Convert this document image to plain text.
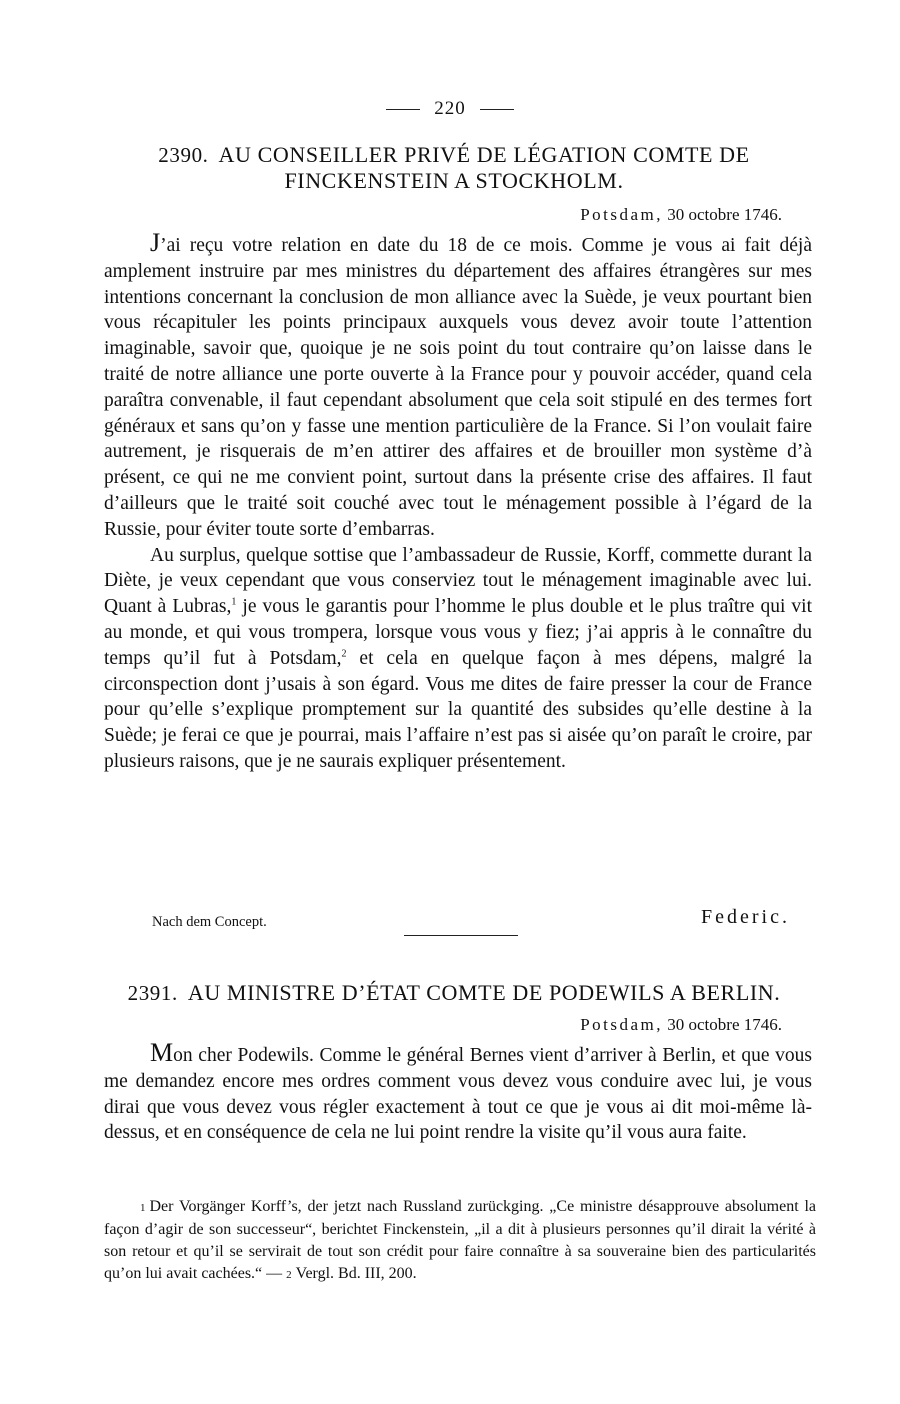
220
2390. AU CONSEILLER PRIVÉ DE LÉGATION COMTE DE
FINCKENSTEIN A STOCKHOLM.
Potsdam, 30 octobre 1746.

J’ai reçu votre relation en date du 18 de ce mois. Comme je vous ai fait déjà amplement instruire par mes ministres du département des affaires étrangères sur mes intentions concernant la conclusion de mon alliance avec la Suède, je veux pourtant bien vous récapituler les points principaux auxquels vous devez avoir toute l’attention imaginable, savoir que, quoique je ne sois point du tout contraire qu’on laisse dans le traité de notre alliance une porte ouverte à la France pour y pouvoir accéder, quand cela paraîtra convenable, il faut cependant absolument que cela soit stipulé en des termes fort généraux et sans qu’on y fasse une mention particulière de la France. Si l’on voulait faire autrement, je risquerais de m’en attirer des affaires et de brouiller mon système d’à présent, ce qui ne me convient point, surtout dans la présente crise des affaires. Il faut d’ailleurs que le traité soit couché avec tout le ménagement possible à l’égard de la Russie, pour éviter toute sorte d’embarras.

Au surplus, quelque sottise que l’ambassadeur de Russie, Korff, commette durant la Diète, je veux cependant que vous conserviez tout le ménagement imaginable avec lui. Quant à Lubras,$^1$ je vous le garantis pour l’homme le plus double et le plus traître qui vit au monde, et qui vous trompera, lorsque vous vous y fiez; j’ai appris à le connaître du temps qu’il fut à Potsdam,$^2$ et cela en quelque façon à mes dépens, malgré la circonspection dont j’usais à son égard. Vous me dites de faire presser la cour de France pour qu’elle s’explique promptement sur la quantité des subsides qu’elle destine à la Suède; je ferai ce que je pourrai, mais l’affaire n’est pas si aisée qu’on paraît le croire, par plusieurs raisons, que je ne saurais expliquer présentement.

Nach dem Concept.	Federic.
2391. AU MINISTRE D’ÉTAT COMTE DE PODEWILS A BERLIN.
Potsdam, 30 octobre 1746.

Mon cher Podewils. Comme le général Bernes vient d’arriver à Berlin, et que vous me demandez encore mes ordres comment vous devez vous conduire avec lui, je vous dirai que vous devez vous régler exactement à tout ce que je vous ai dit moi-même là-dessus, et en conséquence de cela ne lui point rendre la visite qu’il vous aura faite.

1 Der Vorgänger Korff’s, der jetzt nach Russland zurückging. „Ce ministre désapprouve absolument la façon d’agir de son successeur“, berichtet Finckenstein, „il a dit à plusieurs personnes qu’il dirait la vérité à son retour et qu’il se servirait de tout son crédit pour faire connaître à sa souveraine bien des particularités qu’on lui avait cachées.“ — 2 Vergl. Bd. III, 200.
